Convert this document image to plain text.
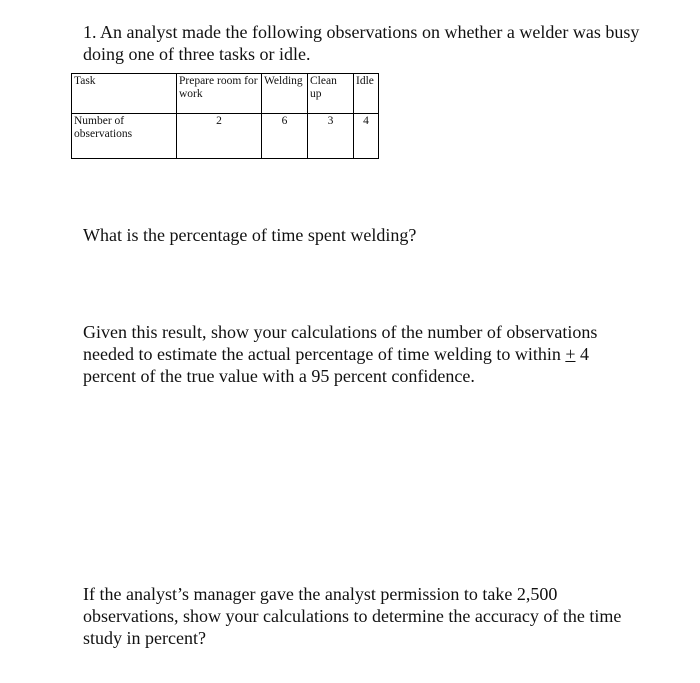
1. An analyst made the following observations on whether a welder was busy doing one of three tasks or idle.

Task	Prepare room for work	Welding	Clean up	Idle
Number of observations	2	6	3	4

What is the percentage of time spent welding?

Given this result, show your calculations of the number of observations needed to estimate the actual percentage of time welding to within + 4 percent of the true value with a 95 percent confidence.

If the analyst’s manager gave the analyst permission to take 2,500 observations, show your calculations to determine the accuracy of the time study in percent?
